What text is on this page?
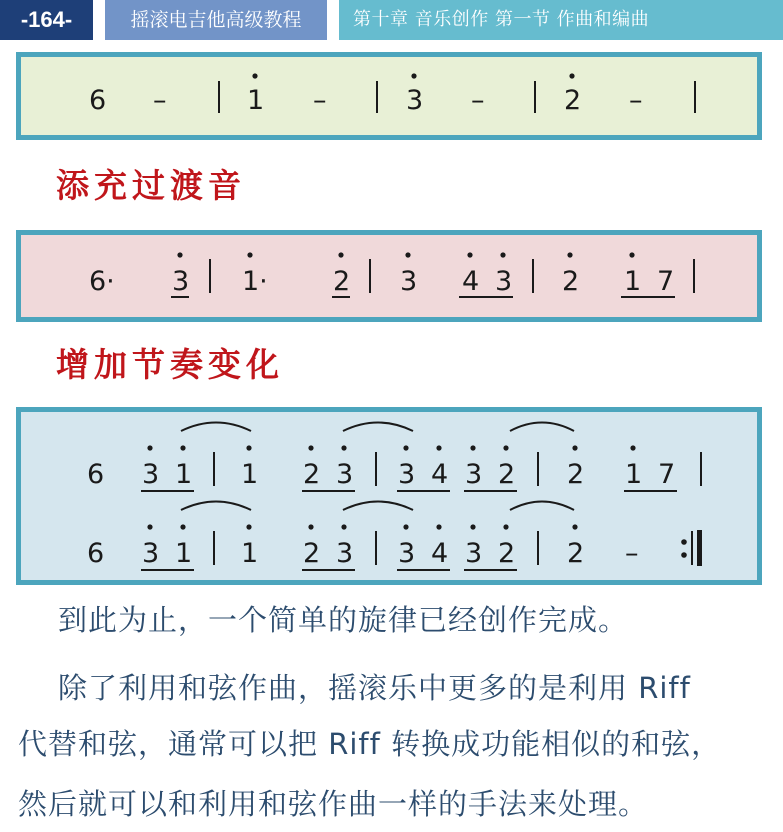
-164-	摇滚电吉他高级教程	第十章 音乐创作 第一节 作曲和编曲
6 –	1 –	3 –	2 –
添充过渡音
6· 3 1· 2 3 4 3 2 1 7
增加节奏变化
6 3 1 1 2 3 3 4 3 2 2 1 7
6 3 1 1 2 3 3 4 3 2 2 –
到此为止，一个简单的旋律已经创作完成。
除了利用和弦作曲，摇滚乐中更多的是利用 Riff
代替和弦，通常可以把 Riff 转换成功能相似的和弦，
然后就可以和利用和弦作曲一样的手法来处理。
